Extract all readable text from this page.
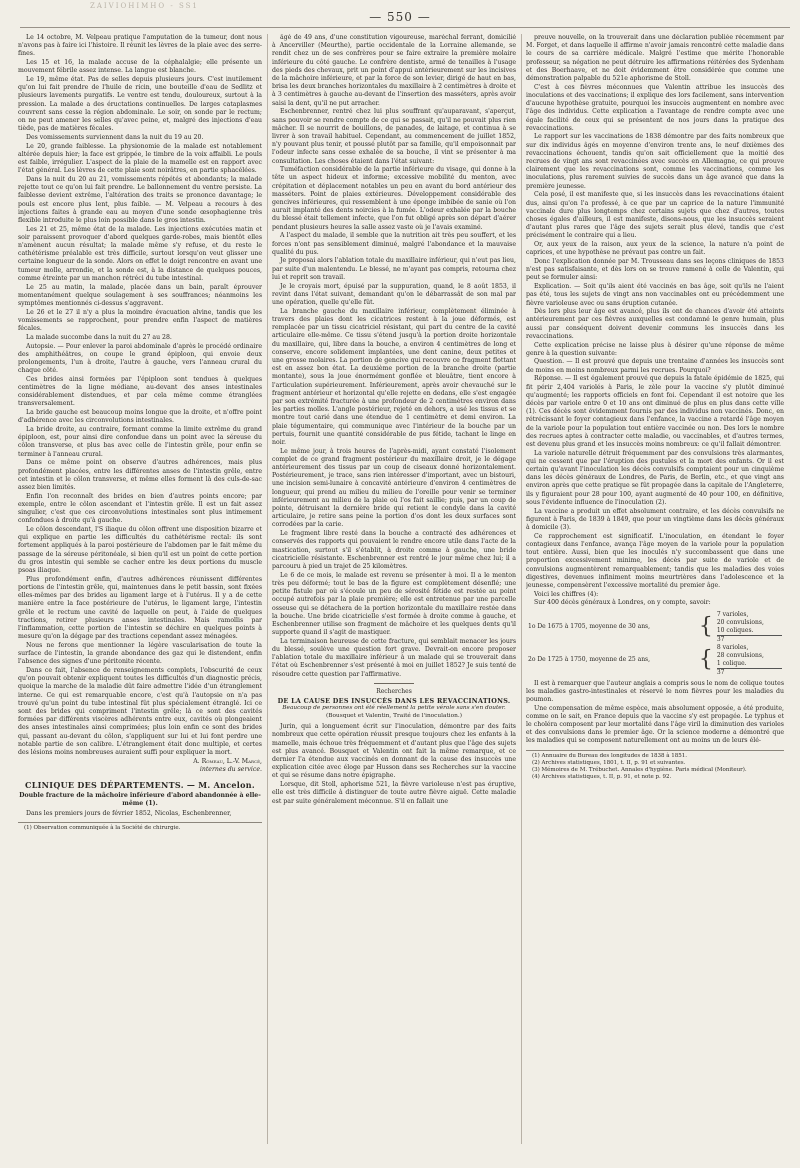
ZAIVIOHIMHO - SS1
— 550 —

Le 14 octobre, M. Velpeau pratique l'amputation de la tumeur, dont nous n'avons pas à faire ici l'histoire. Il réunit les lèvres de la plaie avec des serre-fines.

Les 15 et 16, la malade accuse de la céphalalgie; elle présente un mouvement fébrile assez intense. La langue est blanche.

Le 19, même état. Pas de selles depuis plusieurs jours. C'est inutilement qu'on lui fait prendre de l'huile de ricin, une bouteille d'eau de Sedlitz et plusieurs lavements purgatifs. Le ventre est tendu, douloureux, surtout à la pression. La malade a des éructations continuelles. De larges cataplasmes couvrent sans cesse la région abdominale. Le soir, on sonde par le rectum; on ne peut amener les selles qu'avec peine, et, malgré des injections d'eau tiède, pas de matières fécales.

Des vomissements surviennent dans la nuit du 19 au 20.

Le 20, grande faiblesse. La physionomie de la malade est notablement altérée depuis hier; la face est grippée, le timbre de la voix affaibli. Le pouls est faible, irrégulier. L'aspect de la plaie de la mamelle est en rapport avec l'état général. Les lèvres de cette plaie sont noirâtres, en partie sphacélées.

Dans la nuit du 20 au 21, vomissements répétés et abondants; la malade rejette tout ce qu'on lui fait prendre. Le ballonnement du ventre persiste. La faiblesse devient extrême, l'altération des traits se prononce davantage; le pouls est encore plus lent, plus faible. — M. Velpeau a recours à des injections faites à grande eau au moyen d'une sonde œsophagienne très flexible introduite le plus loin possible dans le gros intestin.

Les 21 et 25, même état de la malade. Les injections exécutées matin et soir paraissent provoquer d'abord quelques garde-robes, mais bientôt elles n'amènent aucun résultat; la malade même s'y refuse, et du reste le cathétérisme préalable est très difficile, surtout lorsqu'on veut glisser une certaine longueur de la sonde. Alors on effet le doigt rencontre en avant une tumeur molle, arrondie, et la sonde est, à la distance de quelques pouces, comme étreinte par un manchon rétréci du tube intestinal.

Le 25 au matin, la malade, placée dans un bain, paraît éprouver momentanément quelque soulagement à ses souffrances; néanmoins les symptômes mentionnés ci-dessus s'aggravent.

Le 26 et le 27 il n'y a plus la moindre évacuation alvine, tandis que les vomissements se rapprochent, pour prendre enfin l'aspect de matières fécales.

La malade succombe dans la nuit du 27 au 28.

Autopsie. — Pour enlever la paroi abdominale d'après le procédé ordinaire des amphithéâtres, on coupe le grand épiploon, qui envoie deux prolongements, l'un à droite, l'autre à gauche, vers l'anneau crural du chaque côté.

Ces brides ainsi formées par l'épiploon sont tendues à quelques centimètres de la ligne médiane, au-devant des anses intestinales considérablement distendues, et par cela même comme étranglées transversalement.

La bride gauche est beaucoup moins longue que la droite, et n'offre point d'adhérence avec les circonvolutions intestinales.

La bride droite, au contraire, formant comme la limite extrême du grand épiploon, est, pour ainsi dire confondue dans un point avec la séreuse du côlon transverse, et plus bas avec celle de l'intestin grêle, pour enfin se terminer à l'anneau crural.

Dans ce même point on observe d'autres adhérences, mais plus profondément placées, entre les différentes anses de l'intestin grêle, entre cet intestin et le côlon transverse, et même elles forment là des culs-de-sac assez bien limités.

Enfin l'on reconnaît des brides en bien d'autres points encore; par exemple, entre le côlon ascendant et l'intestin grêle. Il est un fait assez singulier, c'est que ces circonvolutions intestinales sont plus intimement confondues à droite qu'à gauche.

Le côlon descendant, l'S iliaque du côlon offrent une disposition bizarre et qui explique en partie les difficultés du cathétérisme rectal: ils sont fortement appliqués à la paroi postérieure de l'abdomen par le fait même du passage de la séreuse péritonéale, si bien qu'il est un point de cette portion du gros intestin qui semble se cacher entre les deux portions du muscle psoas iliaque.

Plus profondément enfin, d'autres adhérences réunissent différentes portions de l'intestin grêle, qui, maintenues dans le petit bassin, sont fixées elles-mêmes par des brides au ligament large et à l'utérus. Il y a de cette manière entre la face postérieure de l'utérus, le ligament large, l'intestin grêle et le rectum une cavité de laquelle on peut, à l'aide de quelques tractions, retirer plusieurs anses intestinales. Mais ramollis par l'inflammation, cette portion de l'intestin se déchire en quelques points à mesure qu'on la dégage par des tractions cependant assez ménagées.

Nous ne ferons que mentionner la légère vascularisation de toute la surface de l'intestin, la grande abondance des gaz qui le distendent, enfin l'absence des signes d'une péritonite récente.

Dans ce fait, l'absence de renseignements complets, l'obscurité de ceux qu'on pouvait obtenir expliquent toutes les difficultés d'un diagnostic précis, quoique la marche de la maladie dût faire admettre l'idée d'un étranglement interne. Ce qui est remarquable encore, c'est qu'à l'autopsie on n'a pas trouvé qu'un point du tube intestinal fût plus spécialement étranglé. Ici ce sont des brides qui compriment l'intestin grêle; là ce sont des cavités formées par différents viscères adhérents entre eux, cavités où plongeaient des anses intestinales ainsi comprimées; plus loin enfin ce sont des brides qui, passant au-devant du côlon, s'appliquent sur lui et lui font perdre une notable partie de son calibre. L'étranglement était donc multiple, et certes des lésions moins nombreuses auraient suffi pour expliquer la mort.

A. Romeau, L.-V. Marcé,
internes du service.
CLINIQUE DES DÉPARTEMENTS. — M. Ancelon.
Double fracture de la mâchoire inférieure d'abord abandonnée à elle-même (1).

Dans les premiers jours de février 1852, Nicolas, Eschenbrenner,

(1) Observation communiquée à la Société de chirurgie.

âgé de 49 ans, d'une constitution vigoureuse, maréchal ferrant, domicilié à Ancerviller (Meurthe), partie occidentale de la Lorraine allemande, se rendit chez un de ses confrères pour se faire extraire la première molaire inférieure du côté gauche. Le confrère dentiste, armé de tenailles à l'usage des pieds des chevaux, prit un point d'appui antérieurement sur les incisives de la mâchoire inférieure, et par la force de son levier, dirigé de haut en bas, brisa les deux branches horizontales du maxillaire à 2 centimètres à droite et à 3 centimètres à gauche au-devant de l'insertion des masséters, après avoir saisi la dent, qu'il ne put arracher.

Eschenbrenner, rentré chez lui plus souffrant qu'auparavant, s'aperçut, sans pouvoir se rendre compte de ce qui se passait, qu'il ne pouvait plus rien mâcher. Il se nourrit de bouillons, de panades, de laitage, et continua à se livrer à son travail habituel. Cependant, au commencement de juillet 1852, n'y pouvant plus tenir, et poussé plutôt par sa famille, qu'il empoisonnait par l'odeur infecte sans cesse exhalée de sa bouche, il vint se présenter à ma consultation. Les choses étaient dans l'état suivant:

Tuméfaction considérable de la partie inférieure du visage, qui donne à la tête un aspect hideux et informe; excessive mobilité du menton, avec crépitation et déplacement notables un peu en avant du bord antérieur des masséters. Point de plaies extérieures. Développement considérable des gencives inférieures, qui ressemblent à une éponge imbibée de sanie où l'on aurait implanté des dents noircies à la fumée. L'odeur exhalée par la bouche du blessé était tellement infecte, que l'on fut obligé après son départ d'aérer pendant plusieurs heures la salle assez vaste où je l'avais examiné.

A l'aspect du malade, il semble que la nutrition ait très peu souffert, et les forces n'ont pas sensiblement diminué, malgré l'abondance et la mauvaise qualité du pus.

Je proposai alors l'ablation totale du maxillaire inférieur, qui n'eut pas lieu, par suite d'un malentendu. Le blessé, ne m'ayant pas compris, retourna chez lui et reprit son travail.

Je le croyais mort, épuisé par la suppuration, quand, le 8 août 1853, il revint dans l'état suivant, demandant qu'on le débarrassât de son mal par une opération, quelle qu'elle fût.

La branche gauche du maxillaire inférieur, complètement éliminée à travers des plaies dont les cicatrices restent à la joue déformés, est remplacée par un tissu cicatriciel résistant, qui part du centre de la cavité articulaire elle-même. Ce tissu s'étend jusqu'à la portion droite horizontale du maxillaire, qui, libre dans la bouche, a environ 4 centimètres de long et conserve, encore solidement implantées, une dent canine, deux petites et une grosse molaires. La portion de gencive qui recouvre ce fragment flottant est en assez bon état. La deuxième portion de la branche droite (partie montante), sous la joue énormément gonflée et bleuâtre, tient encore à l'articulation supérieurement. Inférieurement, après avoir chevauché sur le fragment antérieur et horizontal qu'elle rejette en dedans, elle s'est engagée par son extrémité fracturée à une profondeur de 2 centimètres environ dans les parties molles. L'angle postérieur, rejeté en dehors, a usé les tissus et se montre tout carié dans une étendue de 1 centimètre et demi environ. La plaie tégumentaire, qui communique avec l'intérieur de la bouche par un pertuis, fournit une quantité considérable de pus fétide, tachant le linge en noir.

Le même jour, à trois heures de l'après-midi, ayant constaté l'isolement complet de ce grand fragment postérieur du maxillaire droit, je le dégage antérieurement des tissus par un coup de ciseaux donné horizontalement. Postérieurement, je trace, sans rien intéresser d'important, avec un bistouri, une incision semi-lunaire à concavité antérieure d'environ 4 centimètres de longueur, qui prend au milieu du milieu de l'oreille pour venir se terminer inférieurement au milieu de la plaie où l'os fait saillie; puis, par un coup de pointe, détruisant la dernière bride qui retient le condyle dans la cavité articulaire, je retire sans peine la portion d'os dont les deux surfaces sont corrodées par la carie.

Le fragment libre resté dans la bouche a contracté des adhérences et conservés des rapports qui pouvaient le rendre encore utile dans l'acte de la mastication, surtout s'il s'établit, à droite comme à gauche, une bride cicatricielle résistante. Eschenbrenner est rentré le jour même chez lui; il a parcouru à pied un trajet de 25 kilomètres.

Le 6 de ce mois, le malade est revenu se présenter à moi. Il a le menton très peu déformé; tout le bas de la figure est complètement désenflé; une petite fistule par où s'écoule un peu de sérosité fétide est restée au point occupé autrefois par la plaie première; elle est entretenue par une parcelle osseuse qui se détachera de la portion horizontale du maxillaire restée dans la bouche. Une bride cicatricielle s'est formée à droite comme à gauche, et Eschenbrenner utilise son fragment de mâchoire et les quelques dents qu'il supporte quand il s'agit de mastiquer.

La terminaison heureuse de cette fracture, qui semblait menacer les jours du blessé, soulève une question fort grave. Devrait-on encore proposer l'ablation totale du maxillaire inférieur à un malade qui se trouverait dans l'état où Eschenbrenner s'est présenté à moi en juillet 1852? Je suis tenté de résoudre cette question par l'affirmative.

Recherches
DE LA CAUSE DES INSUCCÈS DANS LES REVACCINATIONS.
Beaucoup de personnes ont été réellement la petite vérole sans s'en douter.
(Bousquet et Valentin, Traité de l'inoculation.)

Jurin, qui a longuement écrit sur l'inoculation, démontre par des faits nombreux que cette opération réussit presque toujours chez les enfants à la mamelle, mais échoue très fréquemment et d'autant plus que l'âge des sujets est plus avancé. Bousquet et Valentin ont fait la même remarque, et ce dernier l'a étendue aux vaccinés en donnant de la cause des insuccès une explication citée avec éloge par Husson dans ses Recherches sur la vaccine et qui se résume dans notre épigraphe.

Lorsque, dit Stoll, aphorisme 521, la fièvre varioleuse n'est pas éruptive, elle est très difficile à distinguer de toute autre fièvre aiguë. Cette maladie est par suite généralement méconnue. S'il en fallait une

preuve nouvelle, on la trouverait dans une déclaration publiée récemment par M. Forget, et dans laquelle il affirme n'avoir jamais rencontré cette maladie dans le cours de sa carrière médicale. Malgré l'estime que mérite l'honorable professeur, sa négation ne peut détruire les affirmations réitérées des Sydenham et des Boerhaave, et ne doit évidemment être considérée que comme une démonstration palpable du 521e aphorisme de Stoll.

C'est à ces fièvres méconnues que Valentin attribue les insuccès des inoculations et des vaccinations; il explique des lors facilement, sans intervention d'aucune hypothèse gratuite, pourquoi les insuccès augmentent en nombre avec l'âge des individus. Cette explication a l'avantage de rendre compte avec une égale facilité de ceux qui se présentent de nos jours dans la pratique des revaccinations.

Le rapport sur les vaccinations de 1838 démontre par des faits nombreux que sur dix individus âgés en moyenne d'environ trente ans, le neuf dixièmes des revaccinations échouent, tandis qu'on sait officiellement que la moitié des recrues de vingt ans sont revaccinées avec succès en Allemagne, ce qui prouve clairement que les revaccinations sont, comme les vaccinations, comme les inoculations, plus rarement suivies de succès dans un âge avancé que dans la première jeunesse.

Cela posé, il est manifeste que, si les insuccès dans les revaccinations étaient dus, ainsi qu'on l'a professé, à ce que par un caprice de la nature l'immunité vaccinale dure plus longtemps chez certains sujets que chez d'autres, toutes choses égales d'ailleurs, il est manifeste, disons-nous, que les insuccès seraient d'autant plus rares que l'âge des sujets serait plus élevé, tandis que c'est précisément le contraire qui a lieu.

Or, aux yeux de la raison, aux yeux de la science, la nature n'a point de caprices, et une hypothèse ne prévaut pas contre un fait.

Donc l'explication donnée par M. Trousseau dans ses leçons cliniques de 1853 n'est pas satisfaisante, et dès lors on se trouve ramené à celle de Valentin, qui peut se formuler ainsi:

Explication. — Soit qu'ils aient été vaccinés en bas âge, soit qu'ils ne l'aient pas été, tous les sujets de vingt ans non vaccinables ont eu précédemment une fièvre varioleuse avec ou sans éruption cutanée.

Dès lors plus leur âge est avancé, plus ils ont de chances d'avoir été atteints antérieurement par ces fièvres auxquelles est condamné le genre humain, plus aussi par conséquent doivent devenir communs les insuccès dans les revaccinations.

Cette explication précise ne laisse plus à désirer qu'une réponse de même genre à la question suivante:

Question. — Il est prouvé que depuis une trentaine d'années les insuccès sont de moins en moins nombreux parmi les recrues. Pourquoi?

Réponse. — Il est également prouvé que depuis la fatale épidémie de 1825, qui fit périr 2,404 variolés à Paris, le zèle pour la vaccine s'y plutôt diminué qu'augmenté; les rapports officiels en font foi. Cependant il est notoire que les décès par variole entre 0 et 10 ans ont diminué de plus en plus dans cette ville (1). Ces décès sont évidemment fournis par des individus non vaccinés. Donc, en rétrécissant le foyer contagieux dans l'enfance, la vaccine a retardé l'âge moyen de la variole pour la population tout entière vaccinée ou non. Des lors le nombre des recrues aptes à contracter cette maladie, ou vaccinables, et d'autres termes, est devenu plus grand et les insuccès moins nombreux: ce qu'il fallait démontrer.

La variole naturelle détruit fréquemment par des convulsions très alarmantes, qui ne cessent que par l'éruption des pustules et la mort des enfants. Or il est certain qu'avant l'inoculation les décès convulsifs comptaient pour un cinquième dans les décès généraux de Londres, de Paris, de Berlin, etc., et que vingt ans environ après que cette pratique se fût propagée dans la capitale de l'Angleterre, ils y figuraient pour 28 pour 100, ayant augmenté de 40 pour 100, en définitive, sous l'évidente influence de l'inoculation (2).

La vaccine a produit un effet absolument contraire, et les décès convulsifs ne figurent à Paris, de 1839 à 1849, que pour un vingtième dans les décès généraux à domicile (3).

Ce rapprochement est significatif. L'inoculation, en étendant le foyer contagieux dans l'enfance, avança l'âge moyen de la variole pour la population tout entière. Aussi, bien que les inoculés n'y succombassent que dans une proportion excessivement minime, les décès par suite de variole et de convulsions augmentèrent remarquablement; tandis que les maladies des voies digestives, devenues infiniment moins meurtrières dans l'adolescence et la jeunesse, compensèrent l'excessive mortalité du premier âge.

Voici les chiffres (4):

Sur 400 décès généraux à Londres, on y compte, savoir:

1o De 1675 à 1705, moyenne de 30 ans,	{	7 varioles,
20 convulsions,
10 coliques.
37

2o De 1725 à 1750, moyenne de 25 ans,	{	8 varioles,
28 convulsions,
1 colique.
37

Il est à remarquer que l'auteur anglais a compris sous le nom de colique toutes les maladies gastro-intestinales et réservé le nom fièvres pour les maladies du poumon.

Une compensation de même espèce, mais absolument opposée, a été produite, comme on le sait, en France depuis que la vaccine s'y est propagée. Le typhus et le choléra composent par leur mortalité dans l'âge viril la diminution des varioles et des convulsions dans le premier âge. Or la science moderne a démontré que les maladies qui se composent naturellement ont au moins un de leurs élé-

(1) Annuaire du Bureau des longitudes de 1838 à 1851.
(2) Archives statistiques, 1801, t. II, p. 91 et suivantes.
(3) Mémoires de M. Trébuchet. Annales d'hygiène. Paris médical (Moniteur).
(4) Archives statistiques, t. II, p. 91, et note p. 92.
